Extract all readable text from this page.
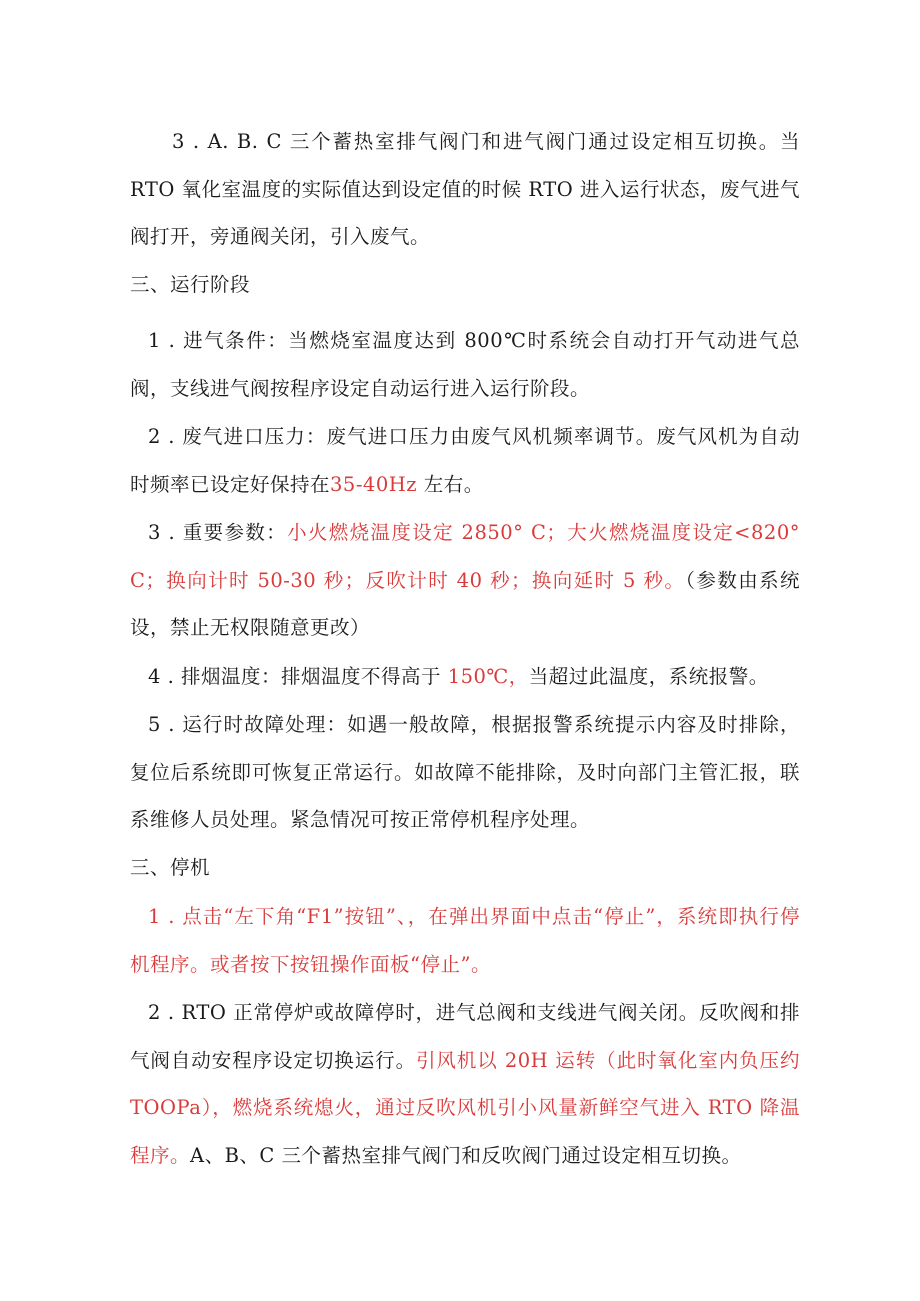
3 . A. B. C 三个蓄热室排气阀门和进气阀门通过设定相互切换。当 RTO 氧化室温度的实际值达到设定值的时候 RTO 进入运行状态，废气进气阀打开，旁通阀关闭，引入废气。

三、运行阶段

1 . 进气条件：当燃烧室温度达到 800℃时系统会自动打开气动进气总阀，支线进气阀按程序设定自动运行进入运行阶段。

2 . 废气进口压力：废气进口压力由废气风机频率调节。废气风机为自动时频率已设定好保持在35-40Hz 左右。

3 . 重要参数：小火燃烧温度设定 2850° C；大火燃烧温度设定<820° C；换向计时 50-30 秒；反吹计时 40 秒；换向延时 5 秒。（参数由系统设，禁止无权限随意更改）

4 . 排烟温度：排烟温度不得高于 150℃，当超过此温度，系统报警。

5 . 运行时故障处理：如遇一般故障，根据报警系统提示内容及时排除，复位后系统即可恢复正常运行。如故障不能排除，及时向部门主管汇报，联系维修人员处理。紧急情况可按正常停机程序处理。

三、停机

1 . 点击“左下角“F1”按钮”、，在弹出界面中点击“停止”，系统即执行停机程序。或者按下按钮操作面板“停止”。

2 . RTO 正常停炉或故障停时，进气总阀和支线进气阀关闭。反吹阀和排气阀自动安程序设定切换运行。引风机以 20H 运转（此时氧化室内负压约 TOOPa），燃烧系统熄火，通过反吹风机引小风量新鲜空气进入 RTO 降温程序。A、B、C 三个蓄热室排气阀门和反吹阀门通过设定相互切换。
